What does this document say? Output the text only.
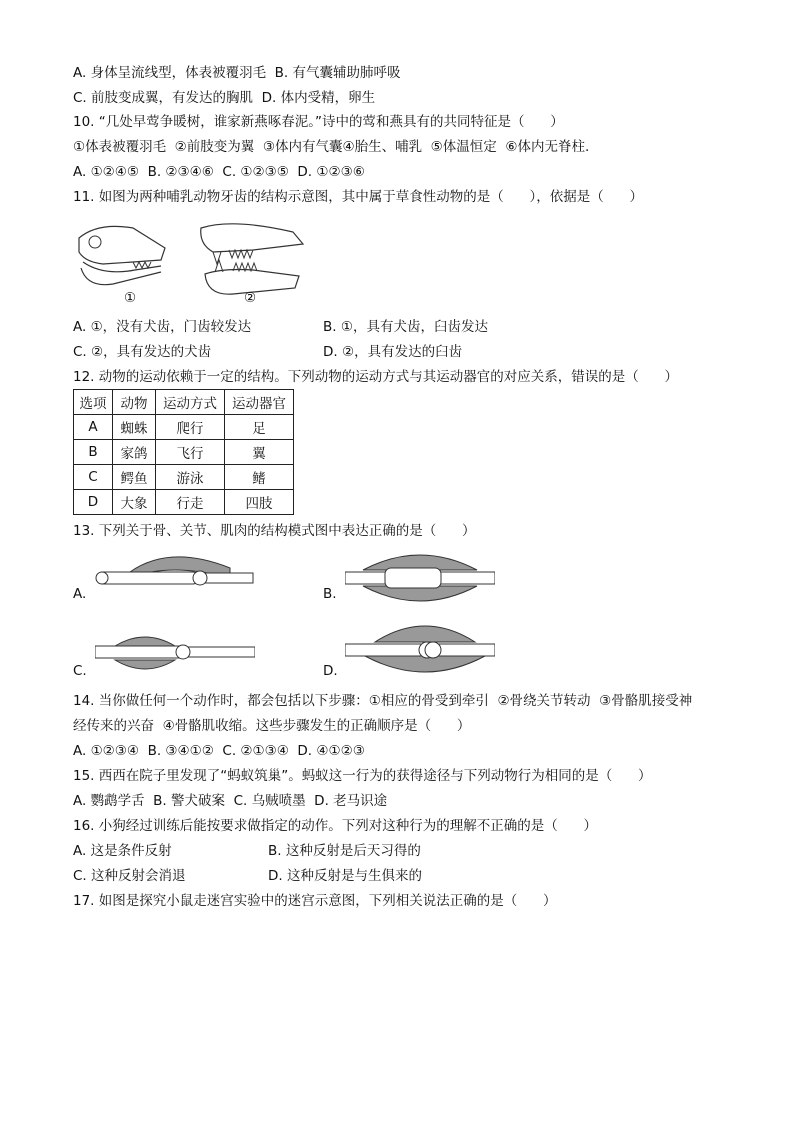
A. 身体呈流线型，体表被覆羽毛  B. 有气囊辅助肺呼吸
C. 前肢变成翼，有发达的胸肌  D. 体内受精，卵生
10. “几处早莺争暖树，谁家新燕啄春泥。”诗中的莺和燕具有的共同特征是（      ）
①体表被覆羽毛  ②前肢变为翼  ③体内有气囊④胎生、哺乳  ⑤体温恒定  ⑥体内无脊柱.
A. ①②④⑤  B. ②③④⑥  C. ①②③⑤  D. ①②③⑥
11. 如图为两种哺乳动物牙齿的结构示意图，其中属于草食性动物的是（      ），依据是（      ）
①	②
A. ①，没有犬齿，门齿较发达	B. ①，具有犬齿，臼齿发达
C. ②，具有发达的犬齿	D. ②，具有发达的臼齿
12. 动物的运动依赖于一定的结构。下列动物的运动方式与其运动器官的对应关系，错误的是（      ）
选项	动物	运动方式	运动器官
A	蜘蛛	爬行	足
B	家鸽	飞行	翼
C	鳄鱼	游泳	鳍
D	大象	行走	四肢
13. 下列关于骨、关节、肌肉的结构模式图中表达正确的是（      ）
A.	B.
C.	D.
14. 当你做任何一个动作时，都会包括以下步骤：①相应的骨受到牵引  ②骨绕关节转动  ③骨骼肌接受神
经传来的兴奋  ④骨骼肌收缩。这些步骤发生的正确顺序是（      ）
A. ①②③④  B. ③④①②  C. ②①③④  D. ④①②③
15. 西西在院子里发现了“蚂蚁筑巢”。蚂蚁这一行为的获得途径与下列动物行为相同的是（      ）
A. 鹦鹉学舌  B. 警犬破案  C. 乌贼喷墨  D. 老马识途
16. 小狗经过训练后能按要求做指定的动作。下列对这种行为的理解不正确的是（      ）
A. 这是条件反射	B. 这种反射是后天习得的
C. 这种反射会消退	D. 这种反射是与生俱来的
17. 如图是探究小鼠走迷宫实验中的迷宫示意图，下列相关说法正确的是（      ）
